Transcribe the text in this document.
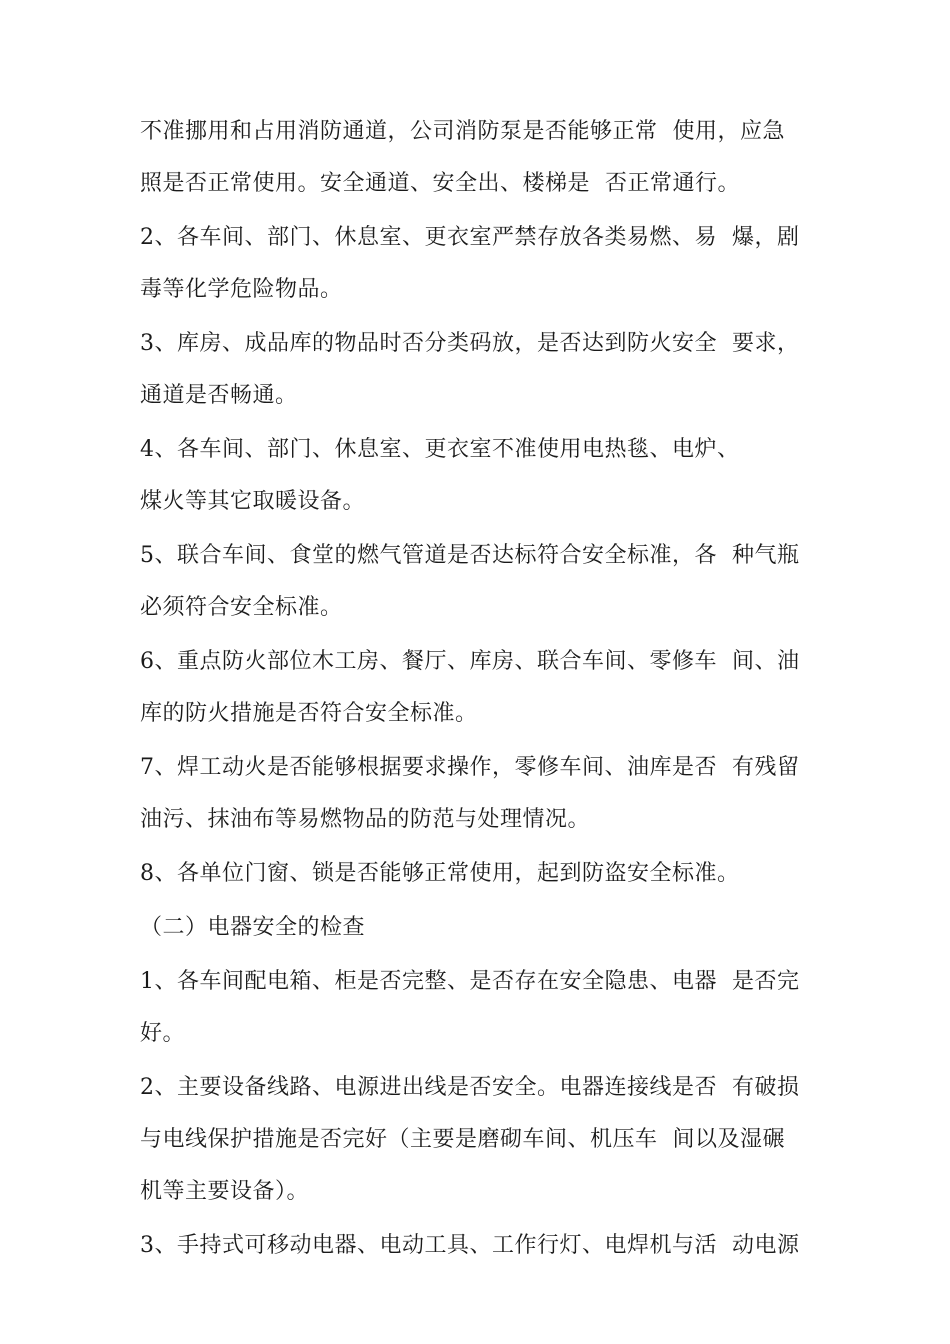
不准挪用和占用消防通道，公司消防泵是否能够正常  使用，应急
照是否正常使用。安全通道、安全出、楼梯是  否正常通行。
2、各车间、部门、休息室、更衣室严禁存放各类易燃、易  爆，剧
毒等化学危险物品。
3、库房、成品库的物品时否分类码放，是否达到防火安全  要求，
通道是否畅通。
4、各车间、部门、休息室、更衣室不准使用电热毯、电炉、
煤火等其它取暖设备。
5、联合车间、食堂的燃气管道是否达标符合安全标准，各  种气瓶
必须符合安全标准。
6、重点防火部位木工房、餐厅、库房、联合车间、零修车  间、油
库的防火措施是否符合安全标准。
7、焊工动火是否能够根据要求操作，零修车间、油库是否  有残留
油污、抹油布等易燃物品的防范与处理情况。
8、各单位门窗、锁是否能够正常使用，起到防盗安全标准。
（二）电器安全的检查
1、各车间配电箱、柜是否完整、是否存在安全隐患、电器  是否完
好。
2、主要设备线路、电源进出线是否安全。电器连接线是否  有破损
与电线保护措施是否完好（主要是磨砌车间、机压车  间以及湿碾
机等主要设备）。
3、手持式可移动电器、电动工具、工作行灯、电焊机与活  动电源
